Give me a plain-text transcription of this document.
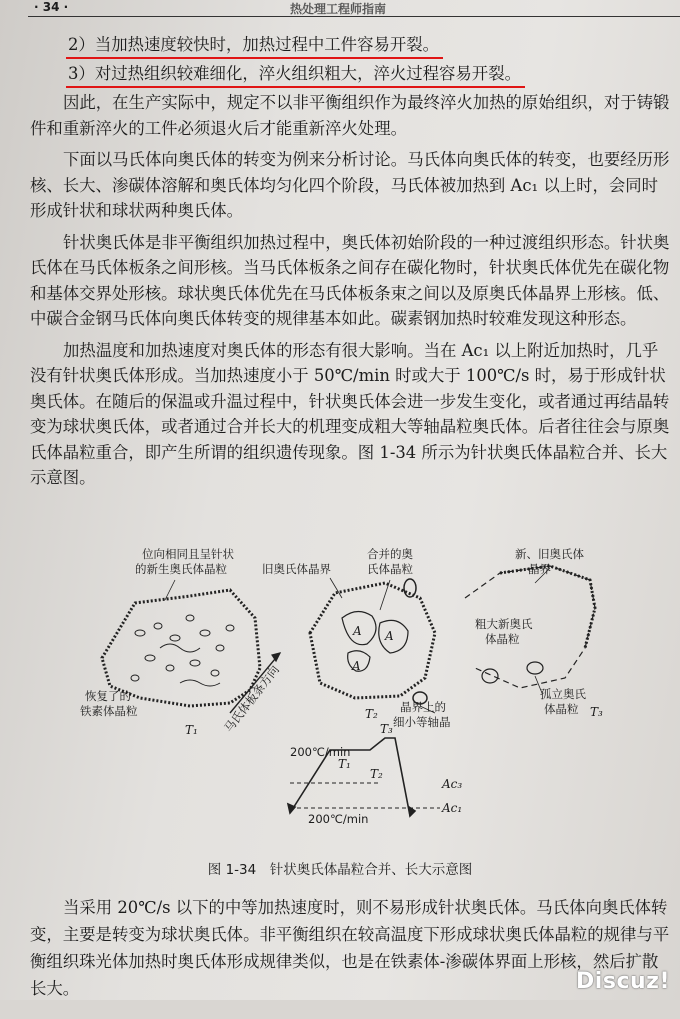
· 34 ·	热处理工程师指南

2）当加热速度较快时，加热过程中工件容易开裂。

3）对过热组织较难细化，淬火组织粗大，淬火过程容易开裂。

因此，在生产实际中，规定不以非平衡组织作为最终淬火加热的原始组织，对于铸锻件和重新淬火的工件必须退火后才能重新淬火处理。

下面以马氏体向奥氏体的转变为例来分析讨论。马氏体向奥氏体的转变，也要经历形核、长大、渗碳体溶解和奥氏体均匀化四个阶段，马氏体被加热到 Ac₁ 以上时，会同时形成针状和球状两种奥氏体。

针状奥氏体是非平衡组织加热过程中，奥氏体初始阶段的一种过渡组织形态。针状奥氏体在马氏体板条之间形核。当马氏体板条之间存在碳化物时，针状奥氏体优先在碳化物和基体交界处形核。球状奥氏体优先在马氏体板条束之间以及原奥氏体晶界上形核。低、中碳合金钢马氏体向奥氏体转变的规律基本如此。碳素钢加热时较难发现这种形态。

加热温度和加热速度对奥氏体的形态有很大影响。当在 Ac₁ 以上附近加热时，几乎没有针状奥氏体形成。当加热速度小于 50℃/min 时或大于 100℃/s 时，易于形成针状奥氏体。在随后的保温或升温过程中，针状奥氏体会进一步发生变化，或者通过再结晶转变为球状奥氏体，或者通过合并长大的机理变成粗大等轴晶粒奥氏体。后者往往会与原奥氏体晶粒重合，即产生所谓的组织遗传现象。图 1-34 所示为针状奥氏体晶粒合并、长大示意图。

位向相同且呈针状
的新生奥氏体晶粒	旧奥氏体晶界
合并的奥
氏体晶粒
新、旧奥氏体
晶界
粗大新奥氏
体晶粒
恢复了的
铁素体晶粒	马氏体板条方向	晶界上的
细小等轴晶
孤立奥氏
体晶粒
A A
A
T₁
T₂	T₃
200℃/min
T₃
T₁
T₂
Ac₃
Ac₁
200℃/min
图 1-34　针状奥氏体晶粒合并、长大示意图

当采用 20℃/s 以下的中等加热速度时，则不易形成针状奥氏体。马氏体向奥氏体转变，主要是转变为球状奥氏体。非平衡组织在较高温度下形成球状奥氏体晶粒的规律与平衡组织珠光体加热时奥氏体形成规律类似，也是在铁素体-渗碳体界面上形核，然后扩散长大。	Discuz!
